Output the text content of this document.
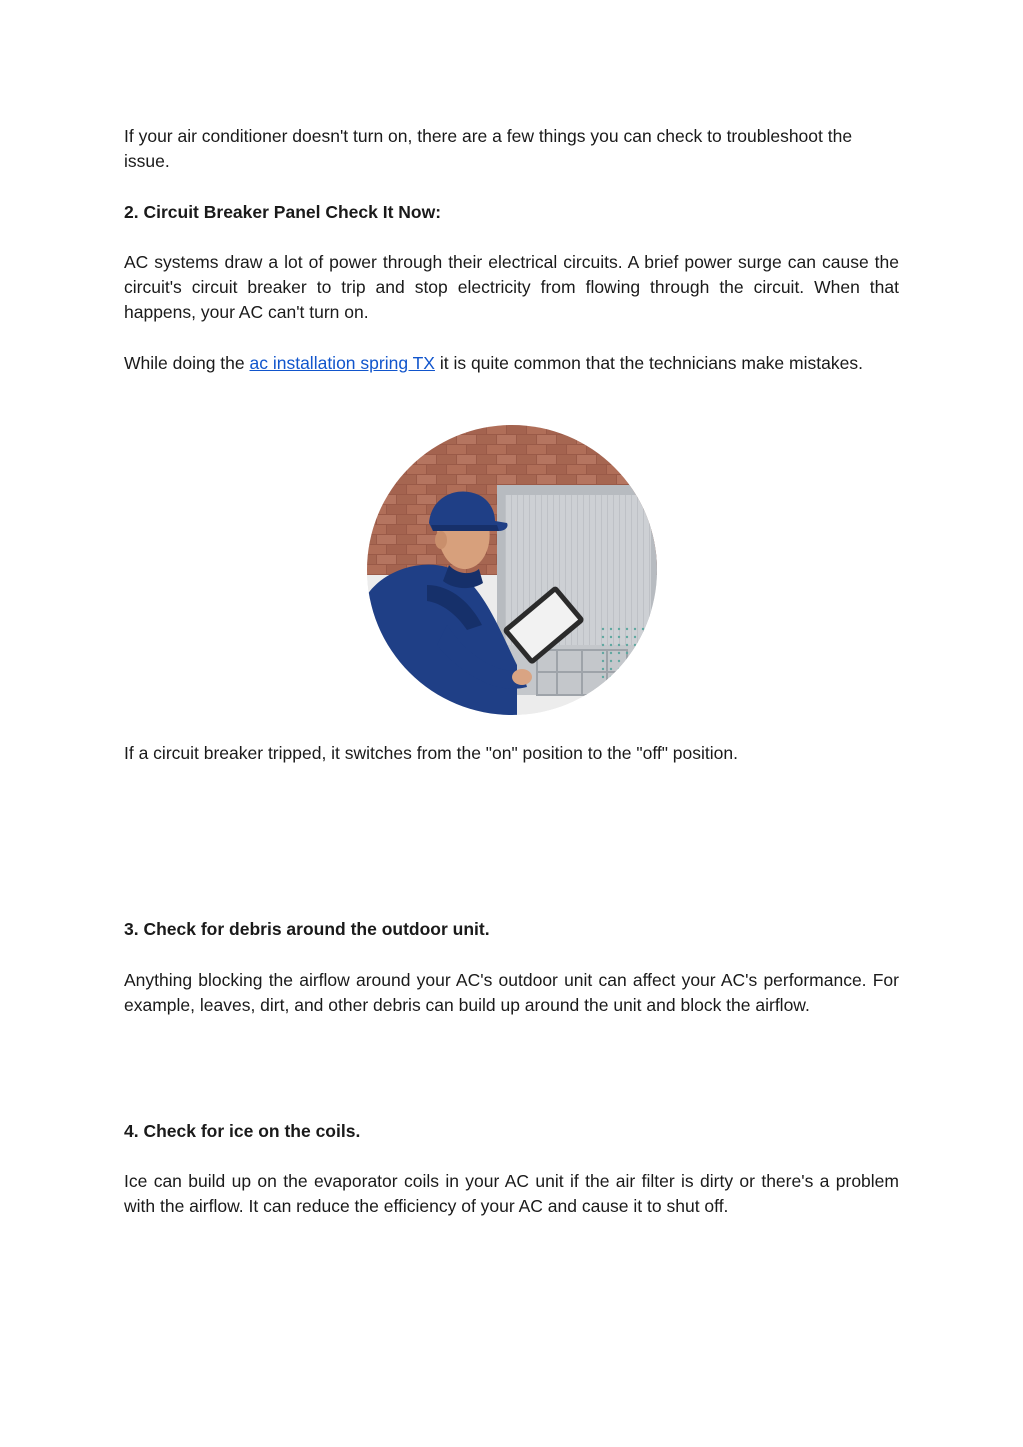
If your air conditioner doesn't turn on, there are a few things you can check to troubleshoot the issue.

2. Circuit Breaker Panel Check It Now:

AC systems draw a lot of power through their electrical circuits. A brief power surge can cause the circuit's circuit breaker to trip and stop electricity from flowing through the circuit. When that happens, your AC can't turn on.

While doing the ac installation spring TX it is quite common that the technicians make mistakes.

If a circuit breaker tripped, it switches from the "on" position to the "off" position.

3. Check for debris around the outdoor unit.

Anything blocking the airflow around your AC's outdoor unit can affect your AC's performance. For example, leaves, dirt, and other debris can build up around the unit and block the airflow.

4. Check for ice on the coils.

Ice can build up on the evaporator coils in your AC unit if the air filter is dirty or there's a problem with the airflow. It can reduce the efficiency of your AC and cause it to shut off.
